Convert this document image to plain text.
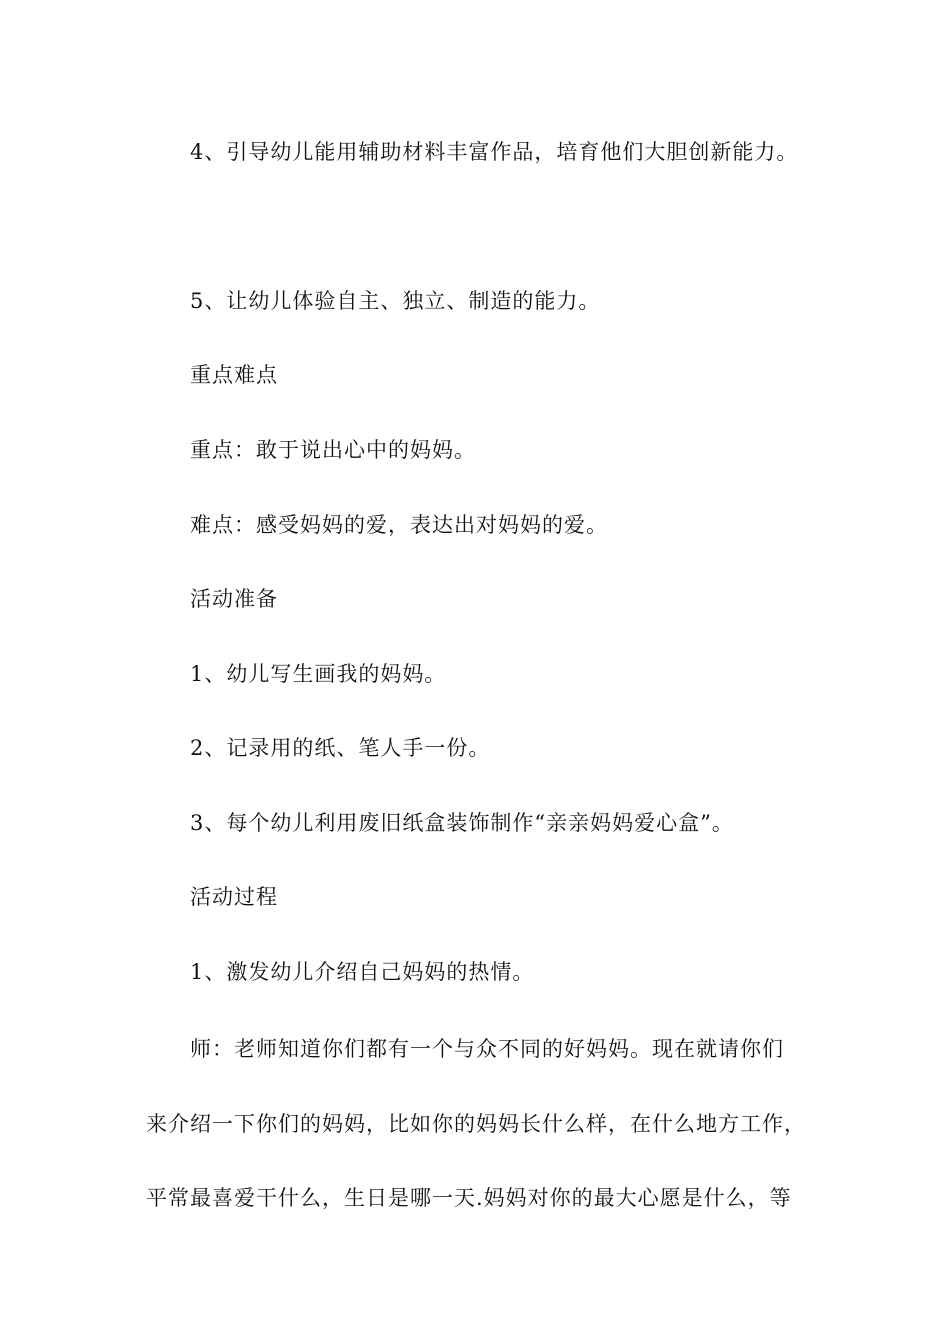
4、引导幼儿能用辅助材料丰富作品，培育他们大胆创新能力。
5、让幼儿体验自主、独立、制造的能力。
重点难点
重点：敢于说出心中的妈妈。
难点：感受妈妈的爱，表达出对妈妈的爱。
活动准备
1、幼儿写生画我的妈妈。
2、记录用的纸、笔人手一份。
3、每个幼儿利用废旧纸盒装饰制作“亲亲妈妈爱心盒”。
活动过程
1、激发幼儿介绍自己妈妈的热情。
师：老师知道你们都有一个与众不同的好妈妈。现在就请你们
来介绍一下你们的妈妈，比如你的妈妈长什么样，在什么地方工作，
平常最喜爱干什么，生日是哪一天.妈妈对你的最大心愿是什么，等
